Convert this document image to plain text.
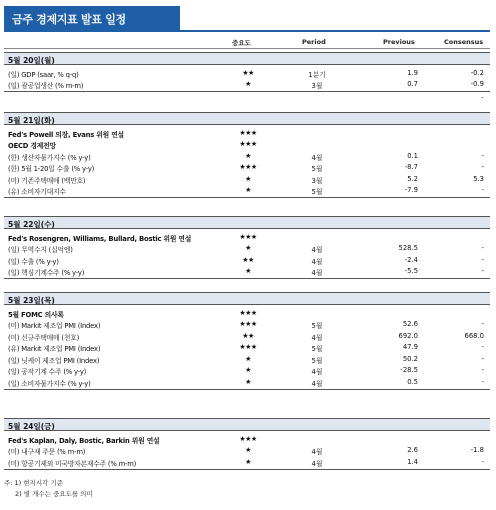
금주 경제지표 발표 일정
중요도	Period	Previous	Consensus
5월 20일(월)
(일) GDP (saar, % q-q)	★★	1분기	1.9	-0.2
(일) 광공업생산 (% m-m)	★	3월	0.7	-0.9
-
5월 21일(화)
Fed's Powell 의장, Evans 위원 연설	★★★
OECD 경제전망	★★★
(한) 생산자물가지수 (% y-y)	★	4월	0.1	-
(한) 5월 1-20일 수출 (% y-y)	★★★	5월	-8.7	-
(미) 기존주택매매 (백만호)	★	3월	5.2	5.3
(유) 소비자기대지수	★	5월	-7.9	-
5월 22일(수)
Fed's Rosengren, Williams, Bullard, Bostic 위원 연설	★★★
(일) 무역수지 (십억엔)	★	4월	528.5	-
(일) 수출 (% y-y)	★★	4월	-2.4	-
(일) 핵심기계수주 (% y-y)	★	4월	-5.5	-
5월 23일(목)
5월 FOMC 의사록	★★★
(미) Markit 제조업 PMI (Index)	★★★	5월	52.6	-
(미) 신규주택매매 (천호)	★★	4월	692.0	668.0
(유) Markit 제조업 PMI (Index)	★★★	5월	47.9	-
(일) 닛케이 제조업 PMI (Index)	★	5월	50.2	-
(일) 공작기계 수주 (% y-y)	★	4월	-28.5	-
(일) 소비자물가지수 (% y-y)	★	4월	0.5	-
5월 24일(금)
Fed's Kaplan, Daly, Bostic, Barkin 위원 연설	★★★
(미) 내구재 주문 (% m-m)	★	4월	2.6	-1.8
(미) 항공기제외 미국방자본재수주 (% m-m)	★	4월	1.4	-
주: 1) 현지시각 기준
2) 별 개수는 중요도를 의미
